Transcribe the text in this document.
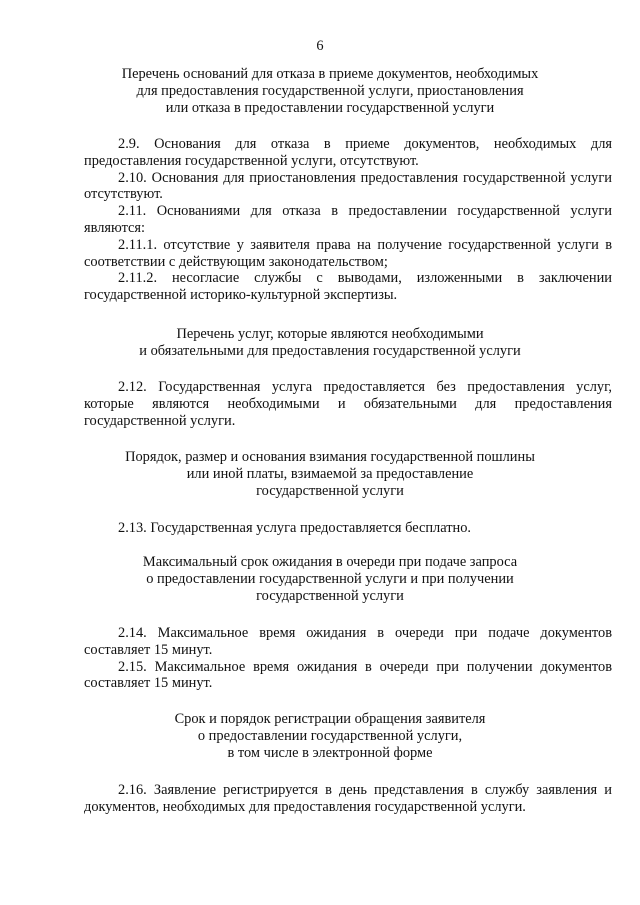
6
Перечень оснований для отказа в приеме документов, необходимых
для предоставления государственной услуги, приостановления
или отказа в предоставлении государственной услуги

2.9. Основания для отказа в приеме документов, необходимых для предоставления государственной услуги, отсутствуют.

2.10. Основания для приостановления предоставления государственной услуги отсутствуют.

2.11. Основаниями для отказа в предоставлении государственной услуги являются:

2.11.1. отсутствие у заявителя права на получение государственной услуги в соответствии с действующим законодательством;

2.11.2. несогласие службы с выводами, изложенными в заключении государственной историко-культурной экспертизы.

Перечень услуг, которые являются необходимыми
и обязательными для предоставления государственной услуги

2.12. Государственная услуга предоставляется без предоставления услуг, которые являются необходимыми и обязательными для предоставления государственной услуги.

Порядок, размер и основания взимания государственной пошлины
или иной платы, взимаемой за предоставление
государственной услуги

2.13. Государственная услуга предоставляется бесплатно.

Максимальный срок ожидания в очереди при подаче запроса
о предоставлении государственной услуги и при получении
государственной услуги

2.14. Максимальное время ожидания в очереди при подаче документов составляет 15 минут.

2.15. Максимальное время ожидания в очереди при получении документов составляет 15 минут.

Срок и порядок регистрации обращения заявителя
о предоставлении государственной услуги,
в том числе в электронной форме

2.16. Заявление регистрируется в день представления в службу заявления и документов, необходимых для предоставления государственной услуги.
